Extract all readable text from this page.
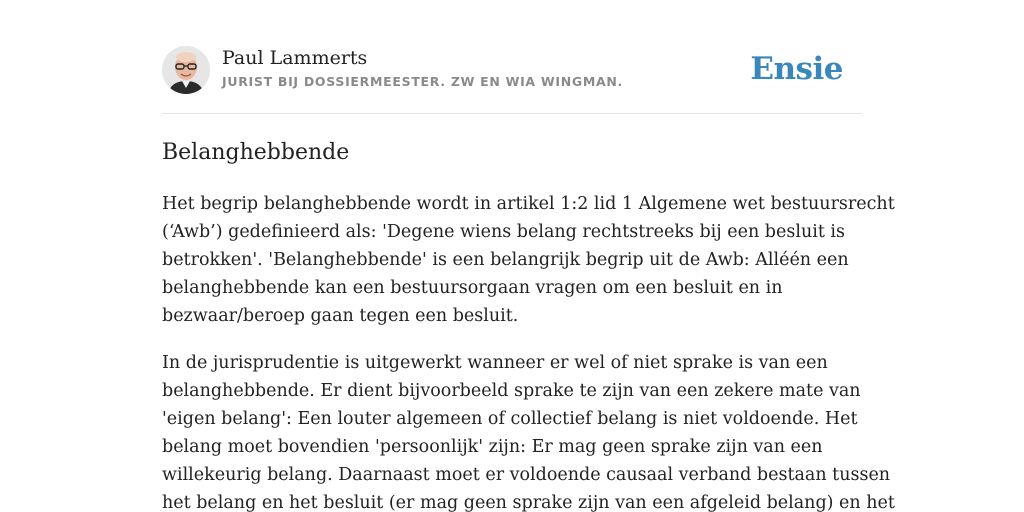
Paul Lammerts
JURIST BIJ DOSSIERMEESTER. ZW EN WIA WINGMAN.	Ensie
Belanghebbende

Het begrip belanghebbende wordt in artikel 1:2 lid 1 Algemene wet bestuursrecht
(‘Awb’) gedefinieerd als: 'Degene wiens belang rechtstreeks bij een besluit is
betrokken'. 'Belanghebbende' is een belangrijk begrip uit de Awb: Alléén een
belanghebbende kan een bestuursorgaan vragen om een besluit en in
bezwaar/beroep gaan tegen een besluit.

In de jurisprudentie is uitgewerkt wanneer er wel of niet sprake is van een
belanghebbende. Er dient bijvoorbeeld sprake te zijn van een zekere mate van
'eigen belang': Een louter algemeen of collectief belang is niet voldoende. Het
belang moet bovendien 'persoonlijk' zijn: Er mag geen sprake zijn van een
willekeurig belang. Daarnaast moet er voldoende causaal verband bestaan tussen
het belang en het besluit (er mag geen sprake zijn van een afgeleid belang) en het
